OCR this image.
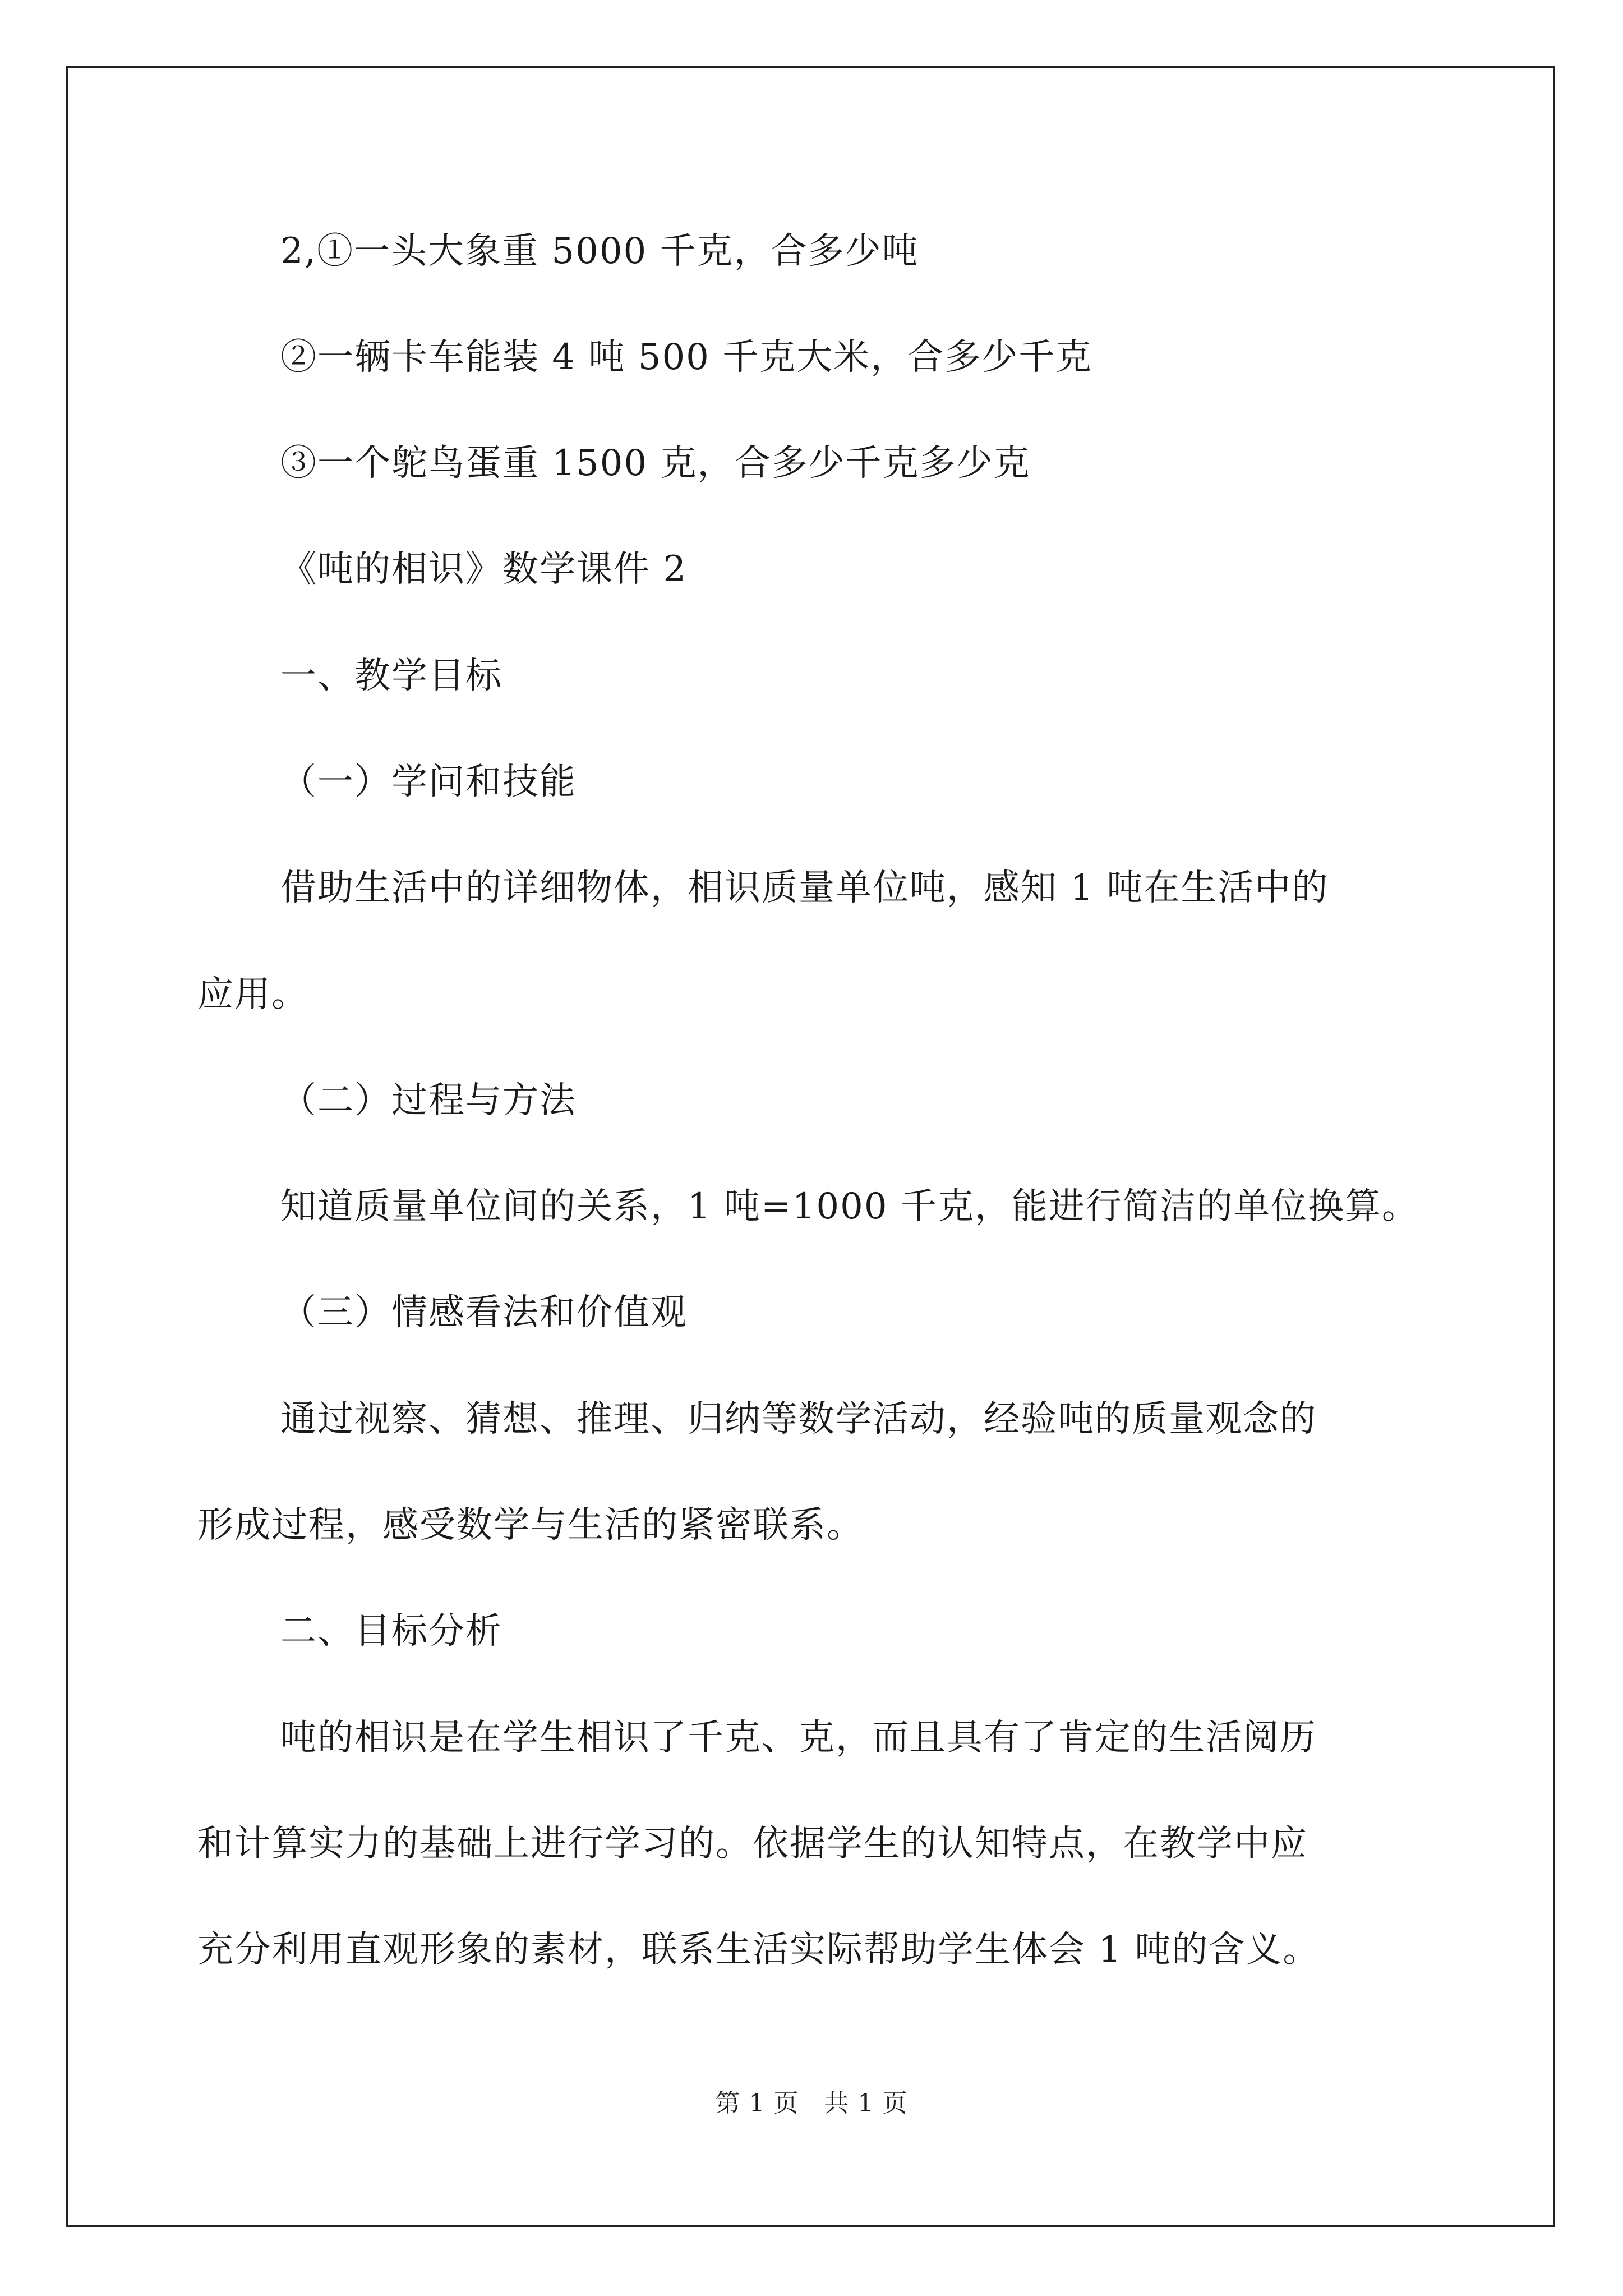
2,①一头大象重 5000 千克，合多少吨
②一辆卡车能装 4 吨 500 千克大米，合多少千克
③一个鸵鸟蛋重 1500 克，合多少千克多少克
《吨的相识》数学课件 2
一、教学目标
（一）学问和技能
借助生活中的详细物体，相识质量单位吨，感知 1 吨在生活中的
应用。
（二）过程与方法
知道质量单位间的关系，1 吨=1000 千克，能进行简洁的单位换算。
（三）情感看法和价值观
通过视察、猜想、推理、归纳等数学活动，经验吨的质量观念的
形成过程，感受数学与生活的紧密联系。
二、目标分析
吨的相识是在学生相识了千克、克，而且具有了肯定的生活阅历
和计算实力的基础上进行学习的。依据学生的认知特点，在教学中应
充分利用直观形象的素材，联系生活实际帮助学生体会 1 吨的含义。
第 1 页　共 1 页
